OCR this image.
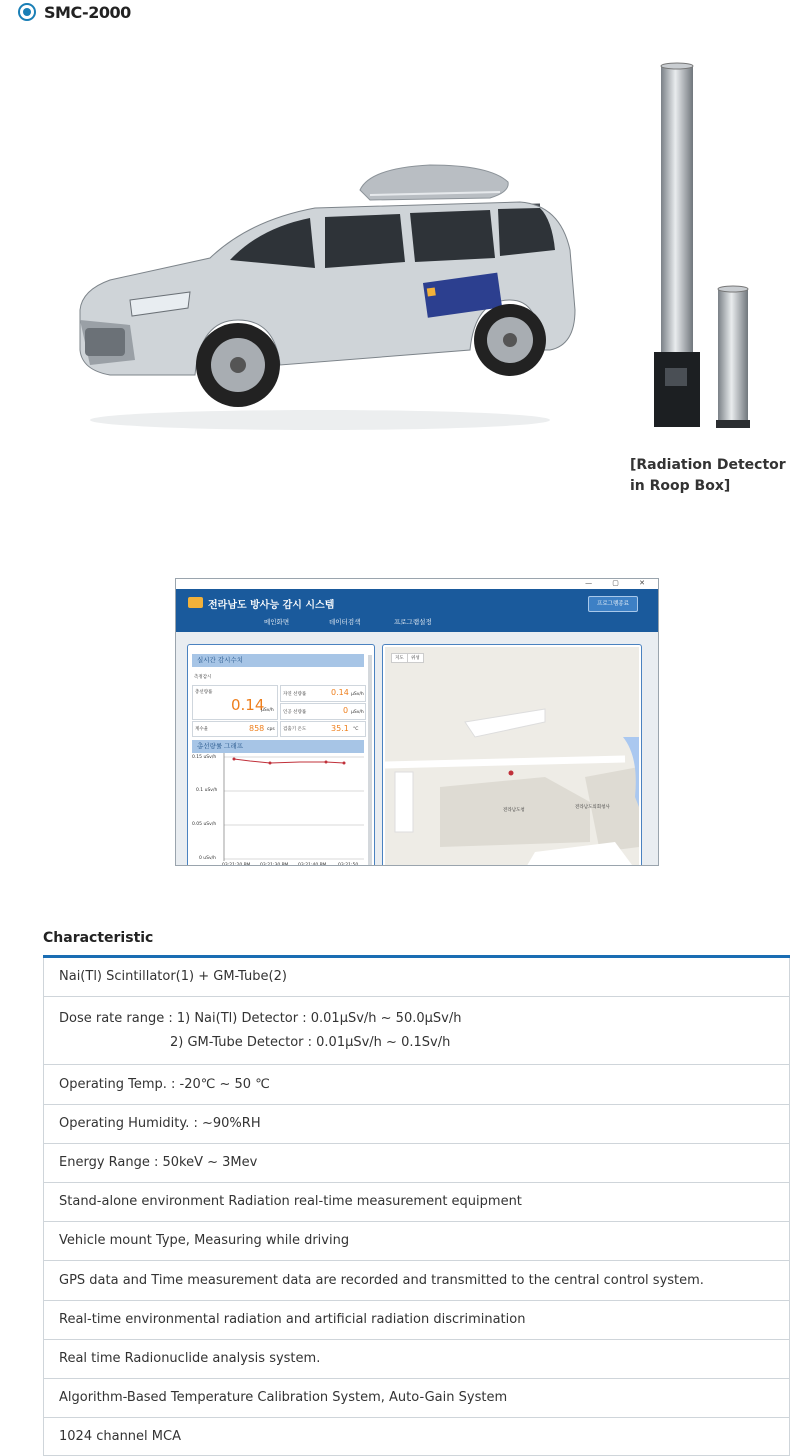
SMC-2000
[Radiation Detector
in Roop Box]
— ▢ ✕
전라남도 방사능 감시 시스템	프로그램종료
메인화면	데이터검색	프로그램설정
실시간 감시수치
측정감시
총선량률
0.14
µSv/h
자연 선량률	0.14 µSv/h
인공 선량률	0 µSv/h
계수율	858 cps 검출기 온도	35.1 °C
총선량률 그래프
0.15 uSv/h
0.1 uSv/h
0.05 uSv/h
0 uSv/h
03:21:20 PM 03:21:30 PM 03:21:40 PM	03:21:50
지도	위성
전라남도청
전라남도의회청사
Characteristic
Nai(Tl) Scintillator(1) + GM-Tube(2)
Dose rate range : 1) Nai(Tl) Detector : 0.01µSv/h ~ 50.0µSv/h
2) GM-Tube Detector : 0.01µSv/h ~ 0.1Sv/h
Operating Temp. : -20℃ ~ 50 ℃
Operating Humidity. : ~90%RH
Energy Range : 50keV ~ 3Mev
Stand-alone environment Radiation real-time measurement equipment
Vehicle mount Type, Measuring while driving
GPS data and Time measurement data are recorded and transmitted to the central control system.
Real-time environmental radiation and artificial radiation discrimination
Real time Radionuclide analysis system.
Algorithm-Based Temperature Calibration System, Auto-Gain System
1024 channel MCA
